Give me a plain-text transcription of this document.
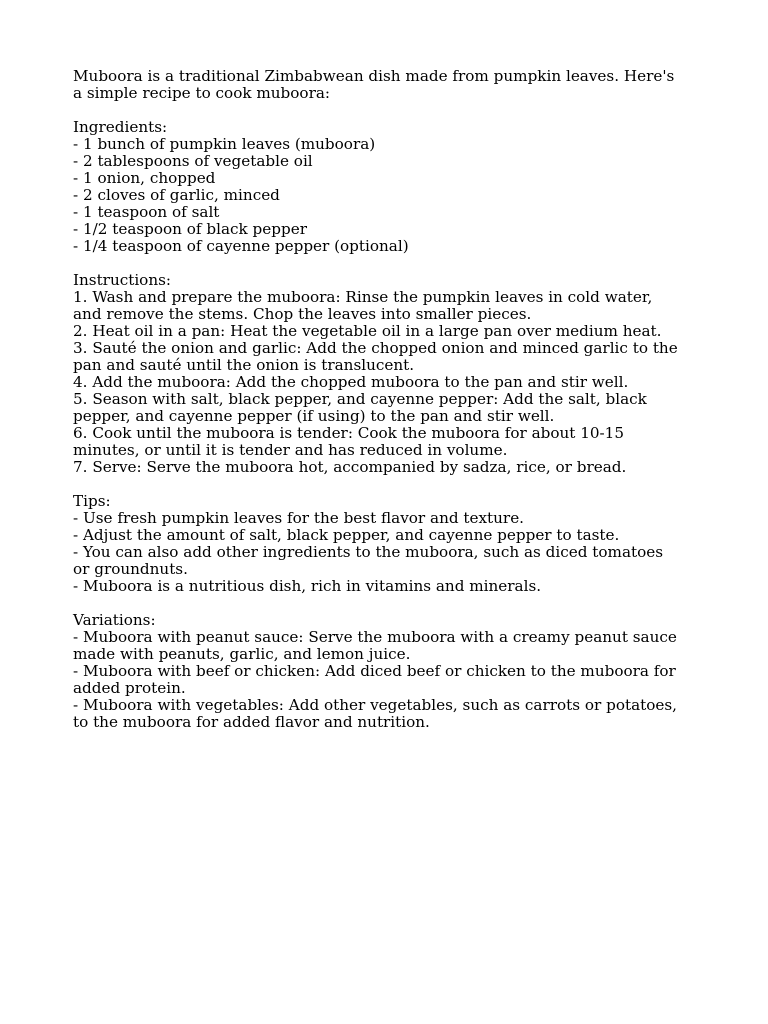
Muboora is a traditional Zimbabwean dish made from pumpkin leaves. Here's
a simple recipe to cook muboora:
Ingredients:
- 1 bunch of pumpkin leaves (muboora)
- 2 tablespoons of vegetable oil
- 1 onion, chopped
- 2 cloves of garlic, minced
- 1 teaspoon of salt
- 1/2 teaspoon of black pepper
- 1/4 teaspoon of cayenne pepper (optional)
Instructions:
1. Wash and prepare the muboora: Rinse the pumpkin leaves in cold water,
and remove the stems. Chop the leaves into smaller pieces.
2. Heat oil in a pan: Heat the vegetable oil in a large pan over medium heat.
3. Sauté the onion and garlic: Add the chopped onion and minced garlic to the
pan and sauté until the onion is translucent.
4. Add the muboora: Add the chopped muboora to the pan and stir well.
5. Season with salt, black pepper, and cayenne pepper: Add the salt, black
pepper, and cayenne pepper (if using) to the pan and stir well.
6. Cook until the muboora is tender: Cook the muboora for about 10-15
minutes, or until it is tender and has reduced in volume.
7. Serve: Serve the muboora hot, accompanied by sadza, rice, or bread.
Tips:
- Use fresh pumpkin leaves for the best flavor and texture.
- Adjust the amount of salt, black pepper, and cayenne pepper to taste.
- You can also add other ingredients to the muboora, such as diced tomatoes
or groundnuts.
- Muboora is a nutritious dish, rich in vitamins and minerals.
Variations:
- Muboora with peanut sauce: Serve the muboora with a creamy peanut sauce
made with peanuts, garlic, and lemon juice.
- Muboora with beef or chicken: Add diced beef or chicken to the muboora for
added protein.
- Muboora with vegetables: Add other vegetables, such as carrots or potatoes,
to the muboora for added flavor and nutrition.
